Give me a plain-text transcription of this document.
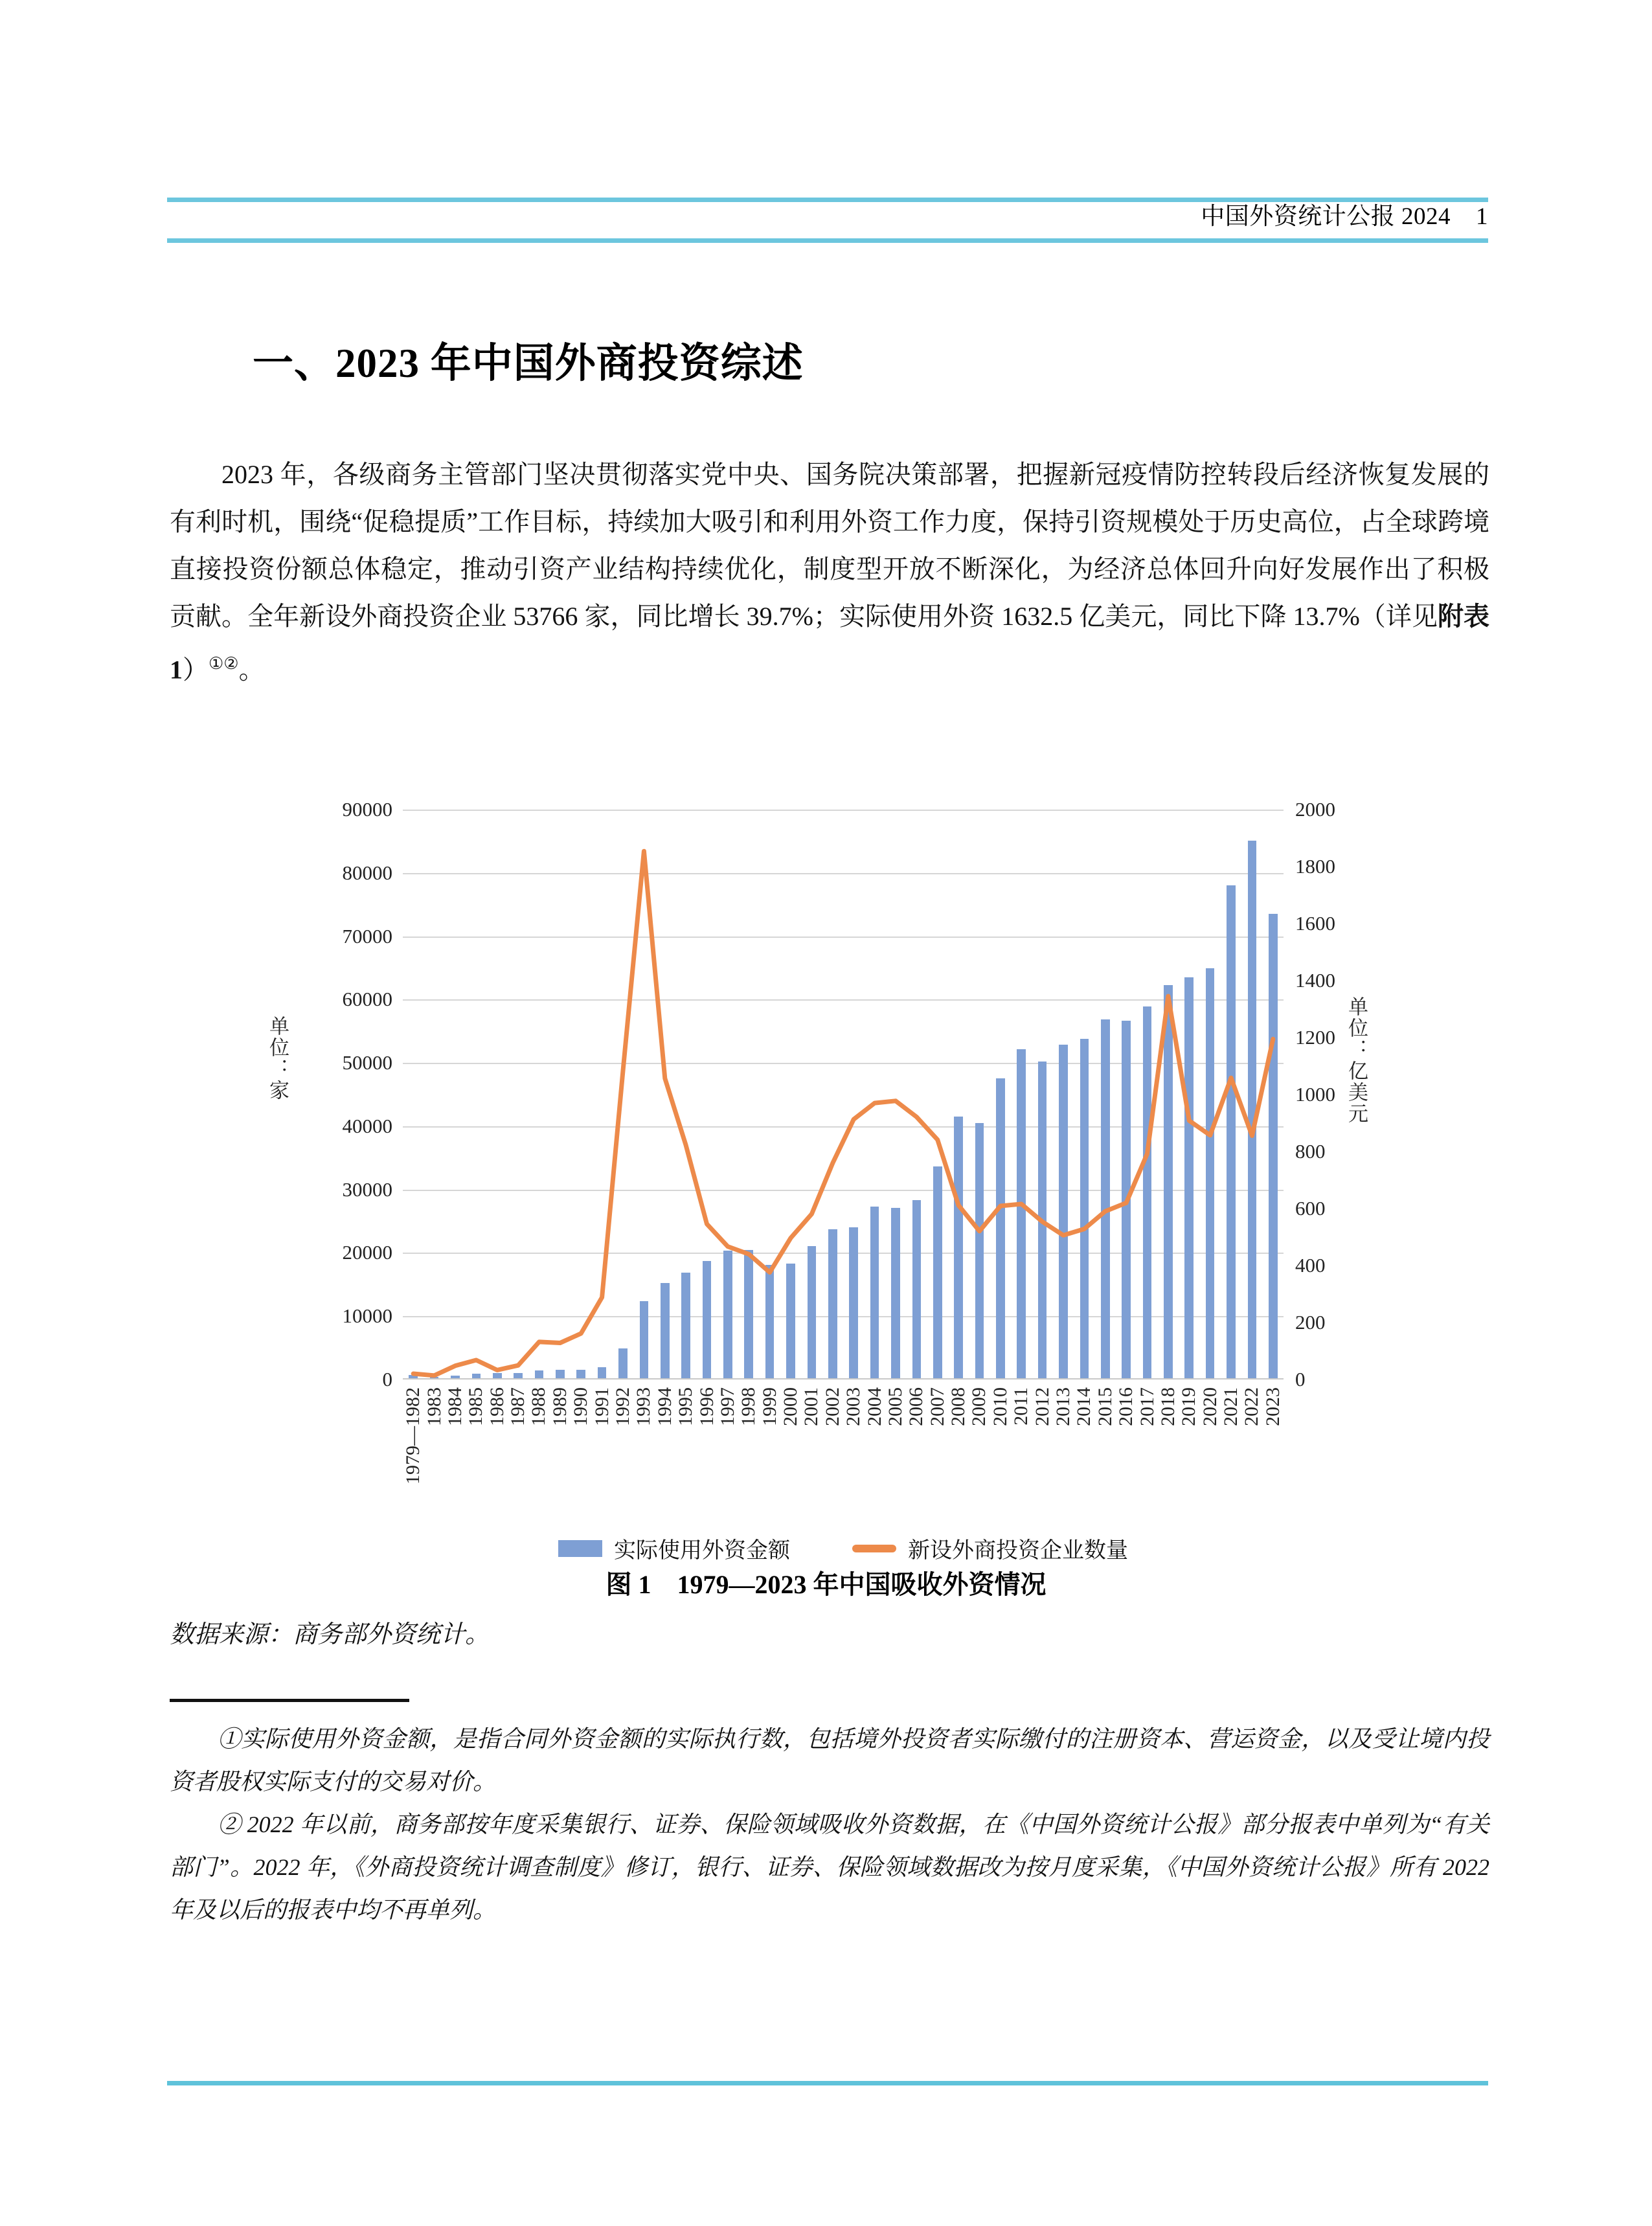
中国外资统计公报 2024    1
一、2023 年中国外商投资综述
2023 年，各级商务主管部门坚决贯彻落实党中央、国务院决策部署，把握新冠疫情防控转段后经济恢复发展的有利时机，围绕“促稳提质”工作目标，持续加大吸引和利用外资工作力度，保持引资规模处于历史高位，占全球跨境直接投资份额总体稳定，推动引资产业结构持续优化，制度型开放不断深化，为经济总体回升向好发展作出了积极贡献。全年新设外商投资企业 53766 家，同比增长 39.7%；实际使用外资 1632.5 亿美元，同比下降 13.7%（详见附表 1）①②。
单位：家	单位：亿美元
0
10000
20000
30000
40000
50000
60000
70000
80000
90000
0
200
400
600
800
1000
1200
1400
1600
1800
2000
1979—1982 1983 1984 1985 1986 1987 1988 1989 1990 1991 1992 1993 1994 1995 1996 1997 1998 1999 2000 2001 2002 2003 2004 2005 2006 2007 2008 2009 2010 2011 2012 2013 2014 2015 2016 2017 2018 2019 2020 2021 2022 2023
实际使用外资金额	新设外商投资企业数量
图 1    1979—2023 年中国吸收外资情况
数据来源：商务部外资统计。

①实际使用外资金额，是指合同外资金额的实际执行数，包括境外投资者实际缴付的注册资本、营运资金，以及受让境内投资者股权实际支付的交易对价。

② 2022 年以前，商务部按年度采集银行、证券、保险领域吸收外资数据，在《中国外资统计公报》部分报表中单列为“有关部门”。2022 年，《外商投资统计调查制度》修订，银行、证券、保险领域数据改为按月度采集，《中国外资统计公报》所有 2022 年及以后的报表中均不再单列。
